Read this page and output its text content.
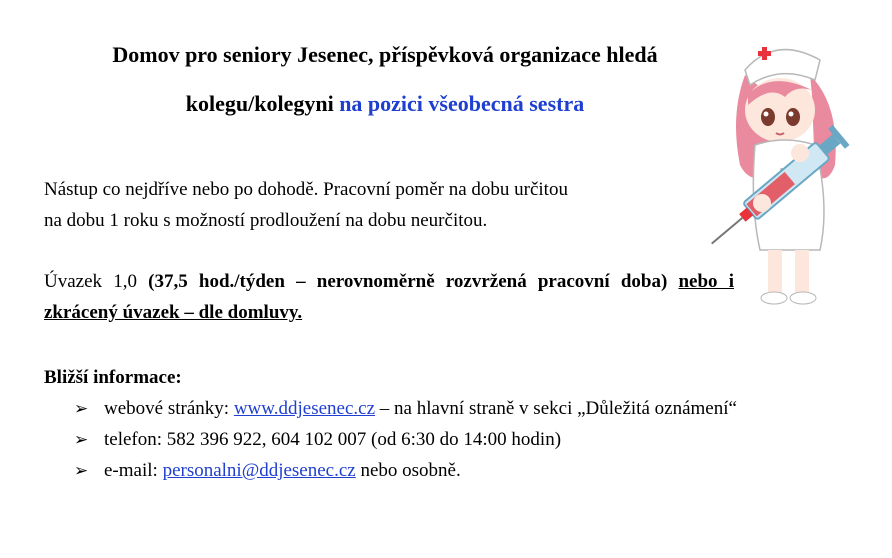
Domov pro seniory Jesenec, příspěvková organizace hledá
kolegu/kolegyni na pozici všeobecná sestra
Nástup co nejdříve nebo po dohodě. Pracovní poměr na dobu určitou
na dobu 1 roku s možností prodloužení na dobu neurčitou.
Úvazek 1,0 (37,5 hod./týden – nerovnoměrně rozvržená pracovní doba) nebo i zkrácený úvazek – dle domluvy.
Bližší informace:
➢ webové stránky: www.ddjesenec.cz – na hlavní straně v sekci „Důležitá oznámení“
➢ telefon: 582 396 922, 604 102 007 (od 6:30 do 14:00 hodin)
➢ e-mail: personalni@ddjesenec.cz nebo osobně.
